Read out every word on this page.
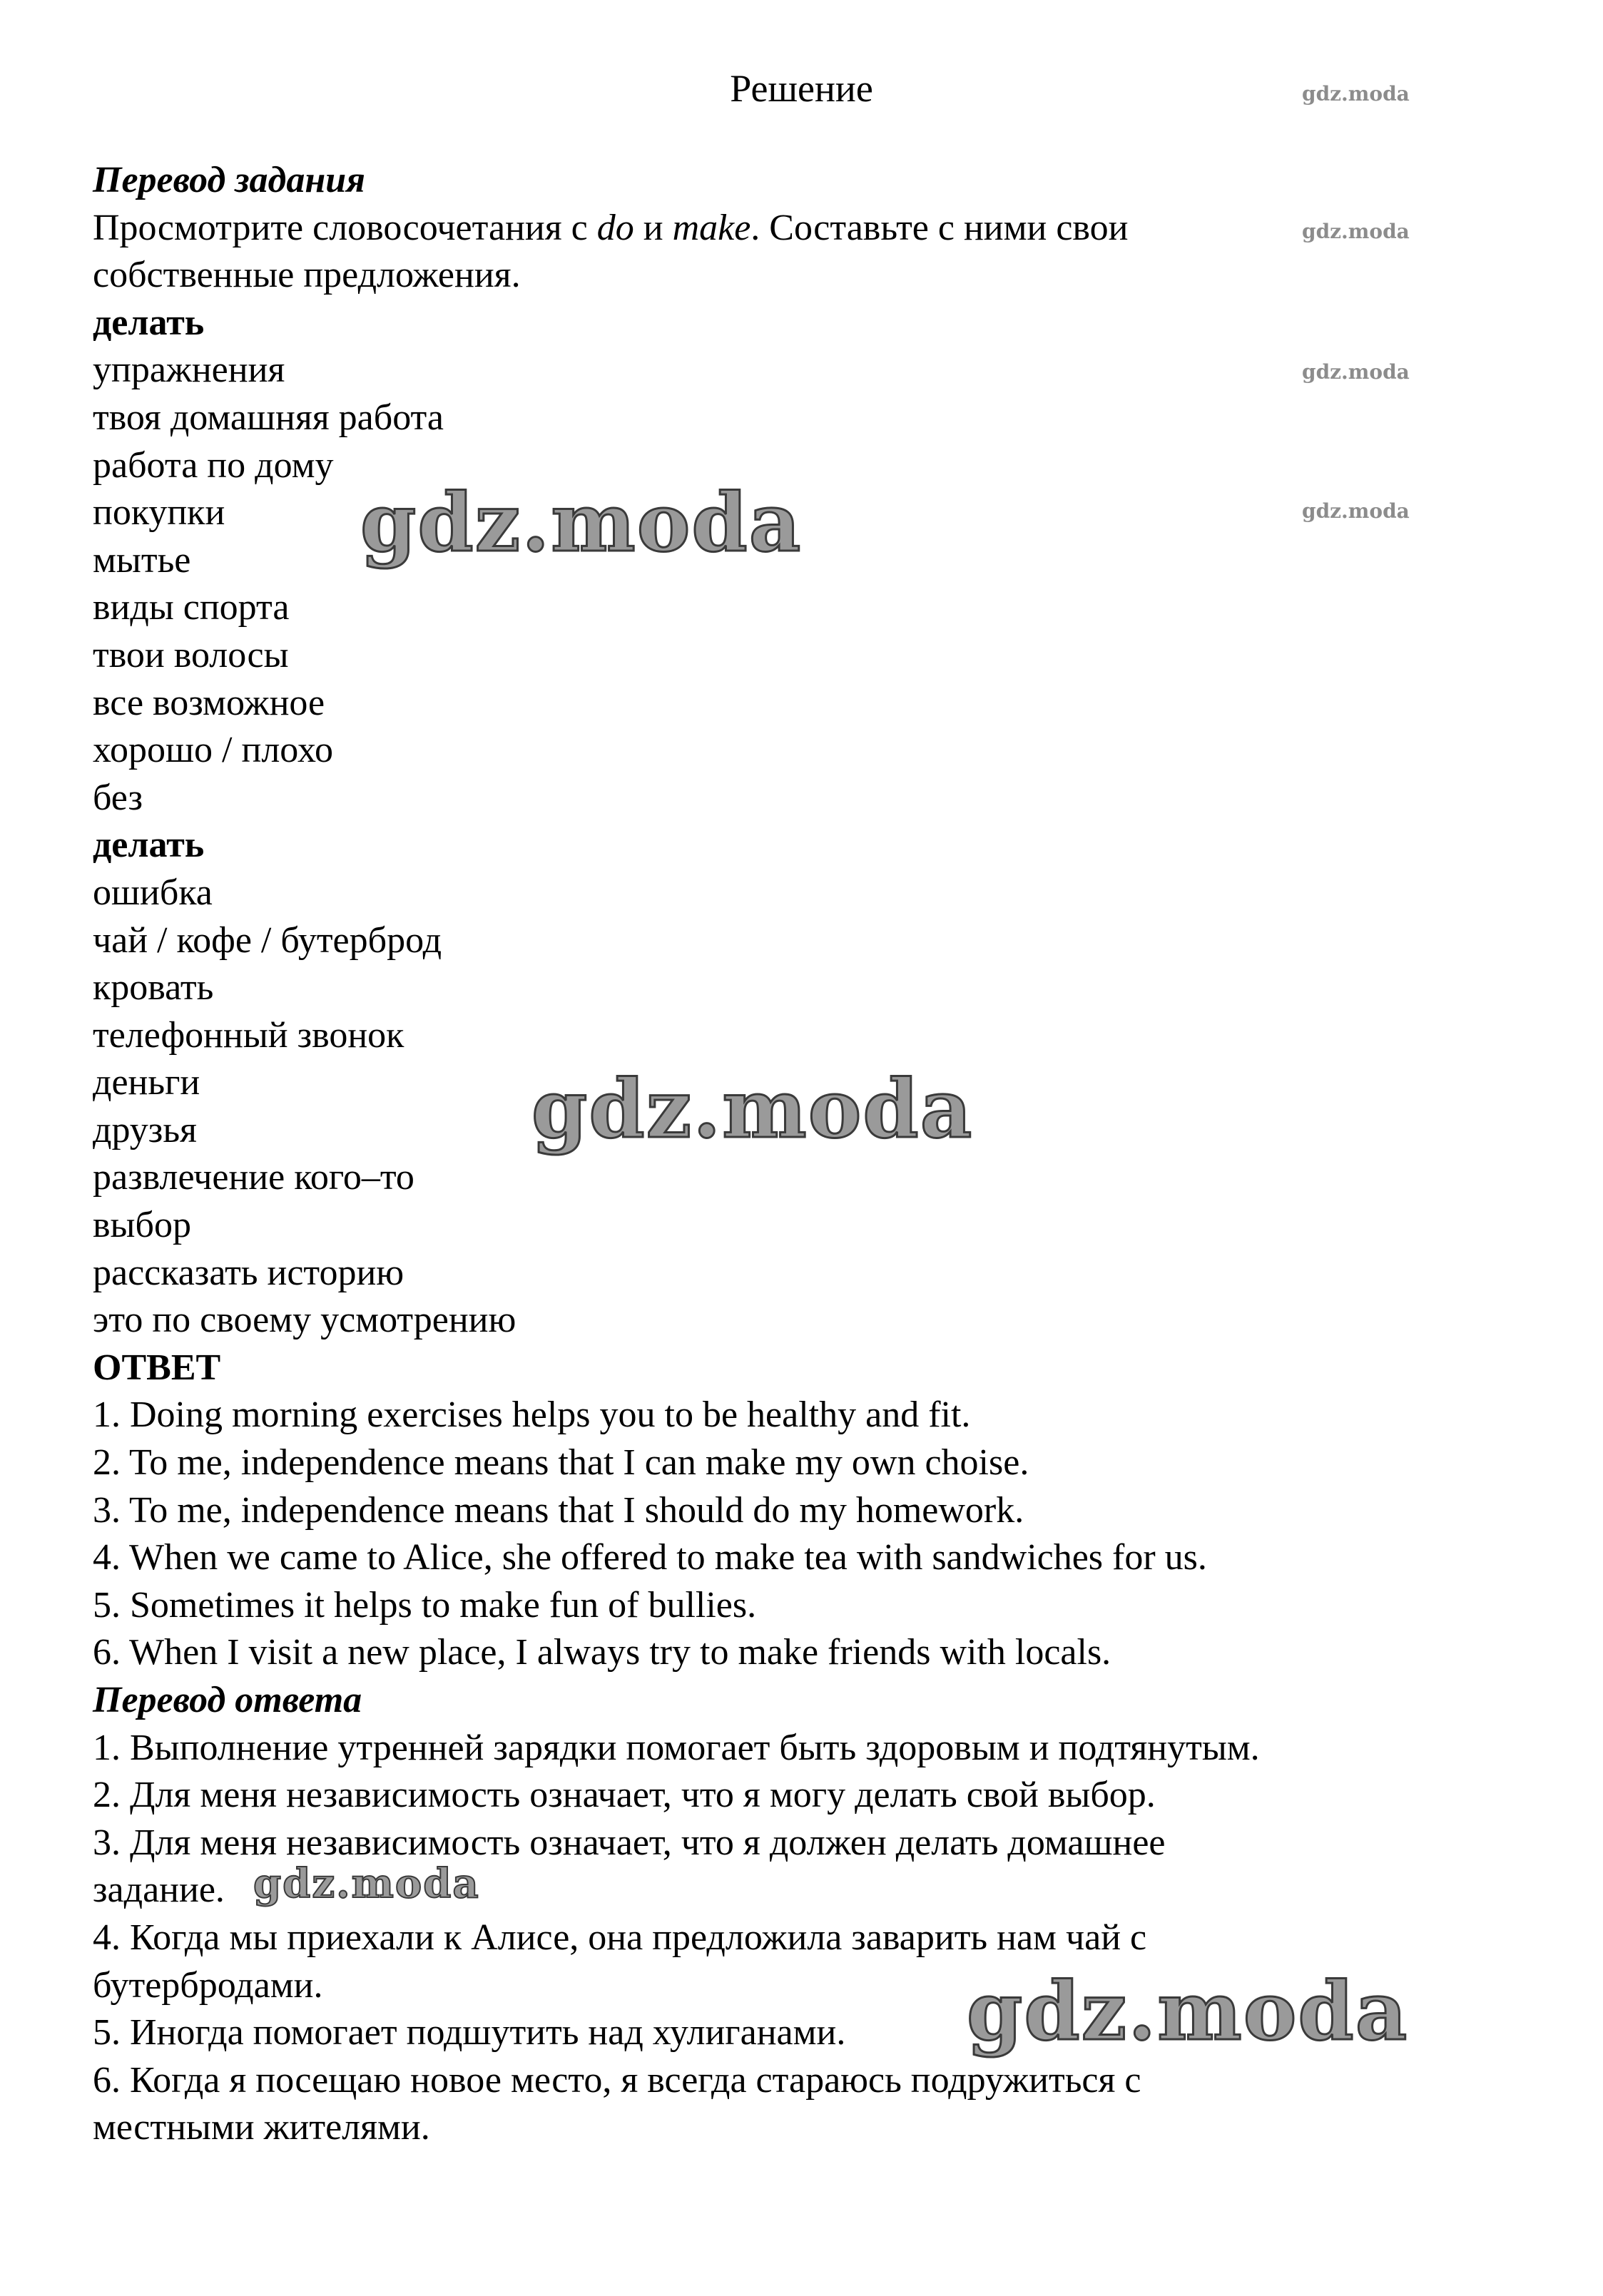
Решение
Перевод задания
Просмотрите словосочетания с do и make. Составьте с ними свои
собственные предложения.
делать
упражнения
твоя домашняя работа
работа по дому
покупки
мытье
виды спорта
твои волосы
все возможное
хорошо / плохо
без
делать
ошибка
чай / кофе / бутерброд
кровать
телефонный звонок
деньги
друзья
развлечение кого–то
выбор
рассказать историю
это по своему усмотрению
ОТВЕТ
1. Doing morning exercises helps you to be healthy and fit.
2. To me, independence means that I can make my own choise.
3. To me, independence means that I should do my homework.
4. When we came to Alice, she offered to make tea with sandwiches for us.
5. Sometimes it helps to make fun of bullies.
6. When I visit a new place, I always try to make friends with locals.
Перевод ответа
1. Выполнение утренней зарядки помогает быть здоровым и подтянутым.
2. Для меня независимость означает, что я могу делать свой выбор.
3. Для меня независимость означает, что я должен делать домашнее
задание.
4. Когда мы приехали к Алисе, она предложила заварить нам чай с
бутербродами.
5. Иногда помогает подшутить над хулиганами.
6. Когда я посещаю новое место, я всегда стараюсь подружиться с
местными жителями.
gdz.moda
gdz.moda
gdz.moda
gdz.moda
gdz.moda
gdz.moda
gdz.moda
gdz.moda
